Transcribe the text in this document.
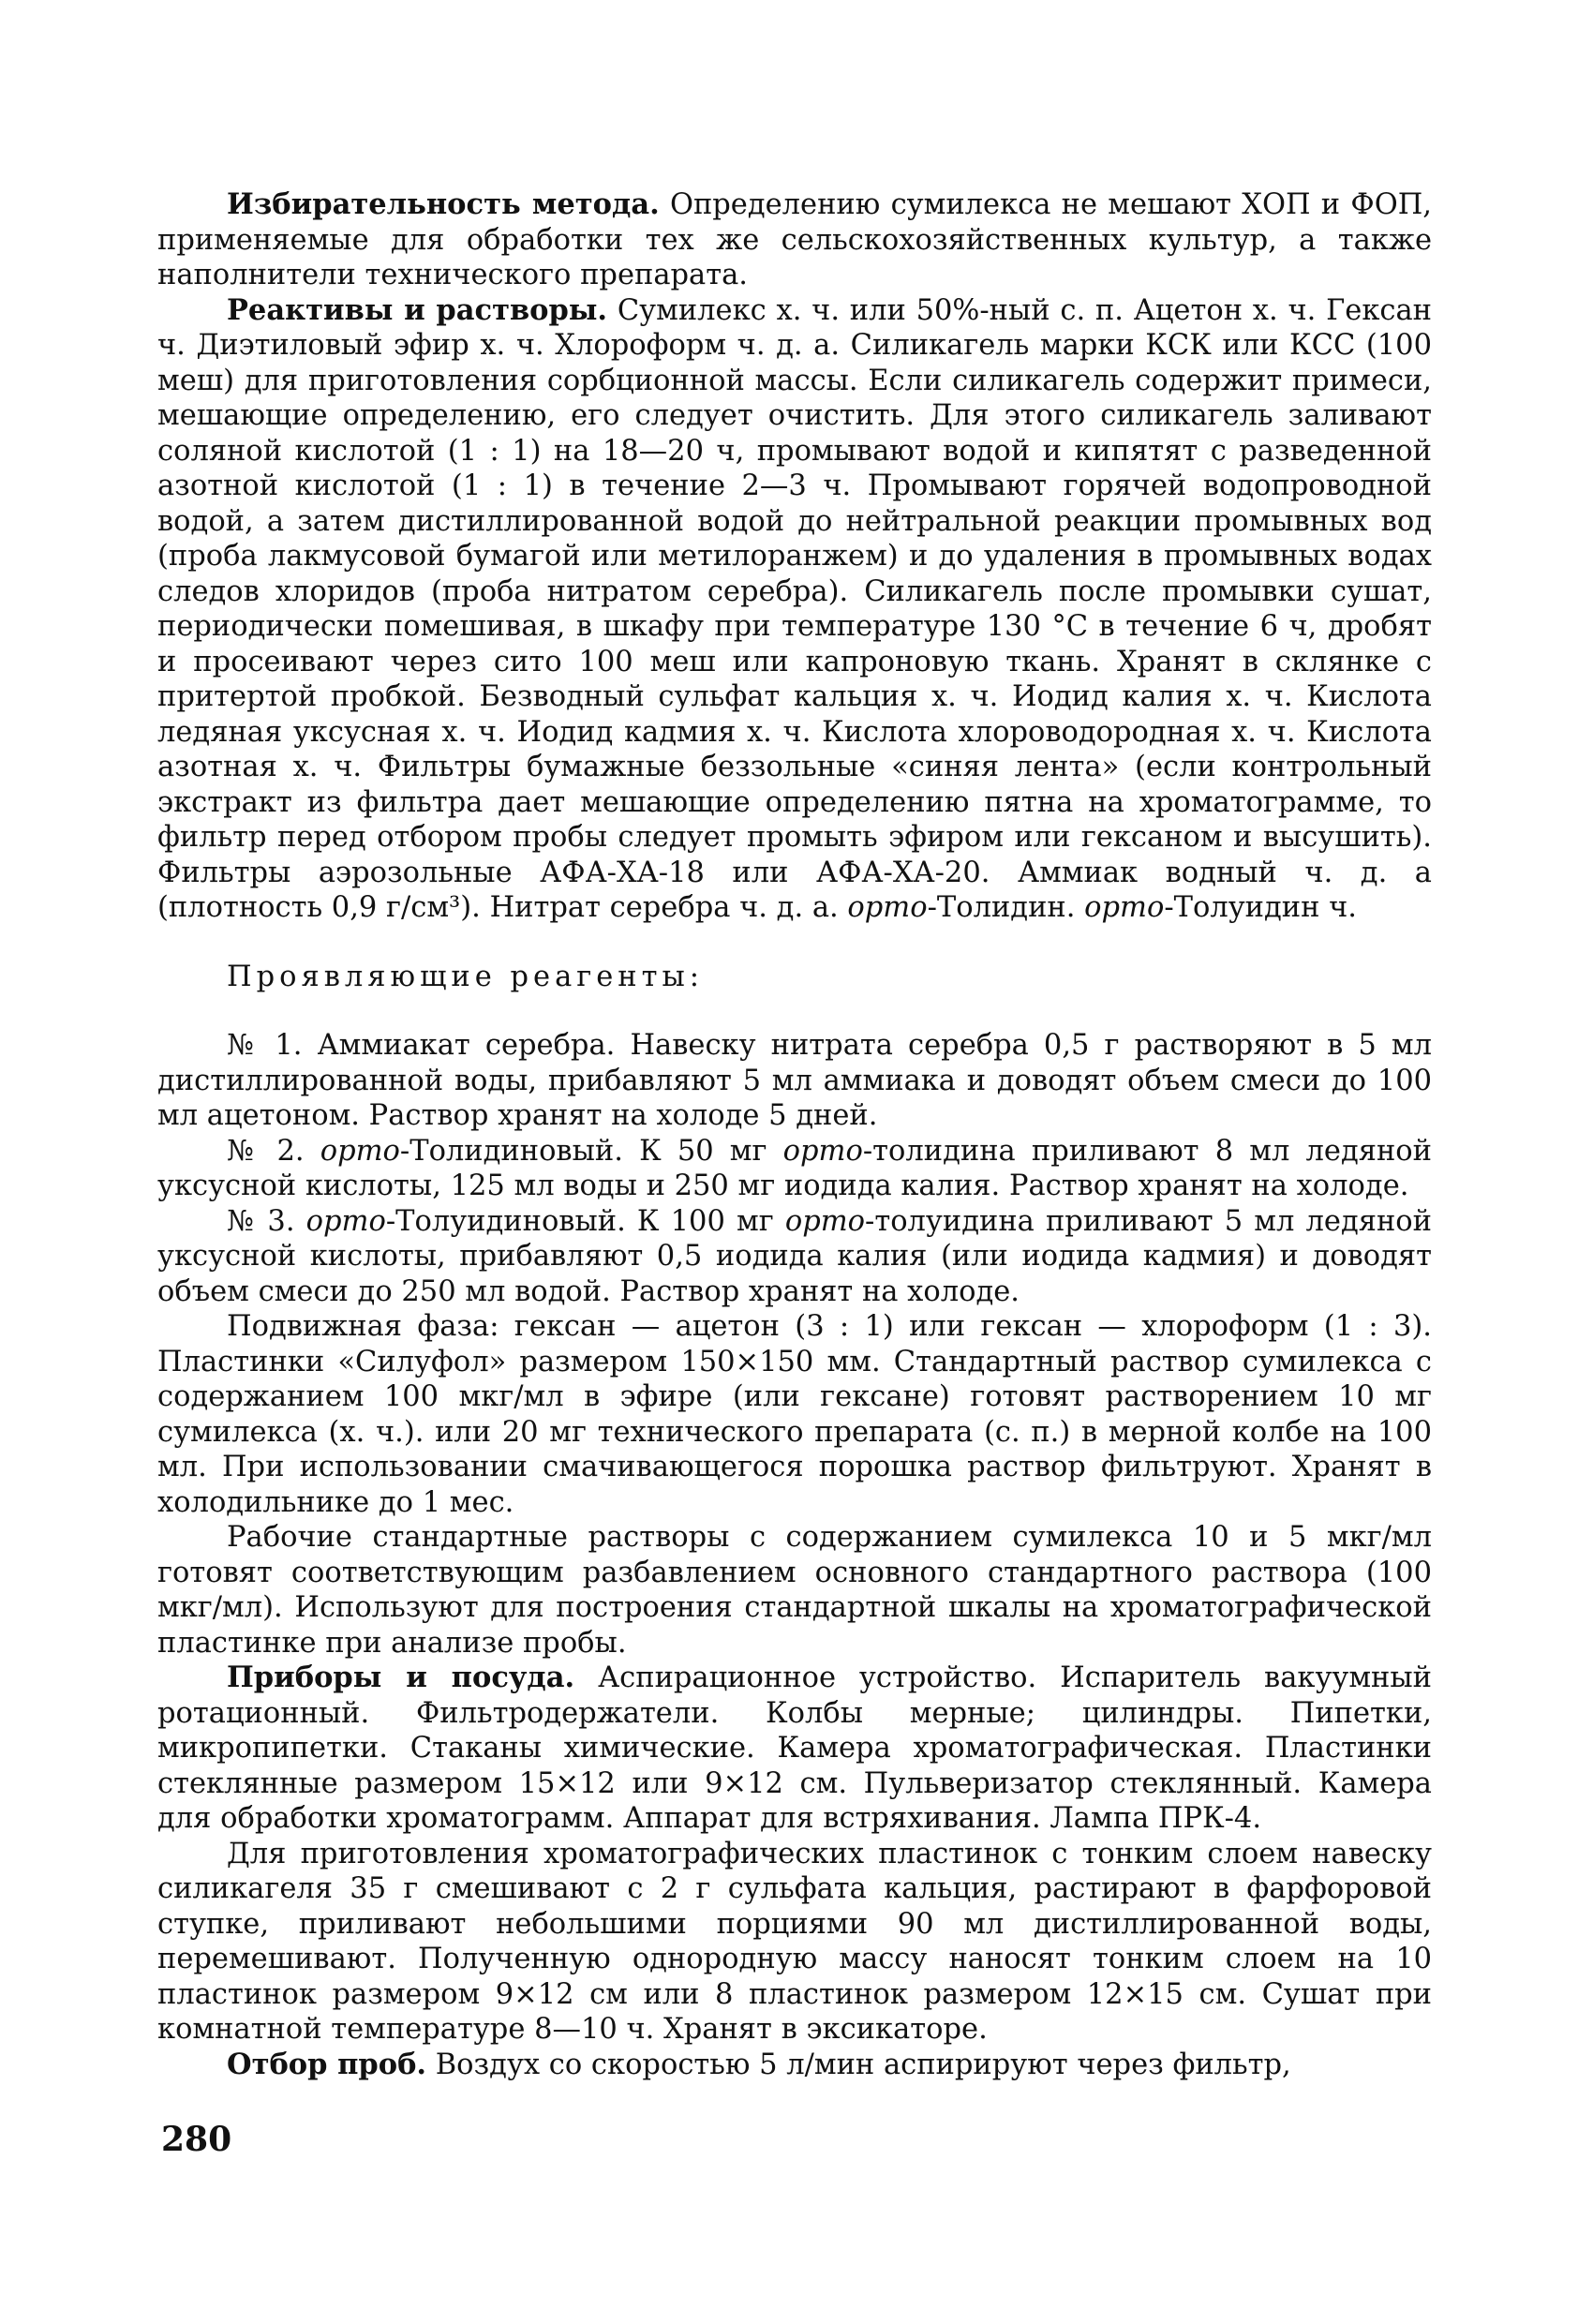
Избирательность метода. Определению сумилекса не мешают ХОП и ФОП, применяемые для обработки тех же сельскохозяйственных культур, а также наполнители технического препарата.

Реактивы и растворы. Сумилекс х. ч. или 50%-ный с. п. Ацетон х. ч. Гексан ч. Диэтиловый эфир х. ч. Хлороформ ч. д. а. Силикагель марки КСК или КСС (100 меш) для приготовления сорбционной массы. Если силикагель содержит примеси, мешающие определению, его следует очистить. Для этого силикагель заливают соляной кислотой (1 : 1) на 18—20 ч, промывают водой и кипятят с разведенной азотной кислотой (1 : 1) в течение 2—3 ч. Промывают горячей водопроводной водой, а затем дистиллированной водой до нейтральной реакции промывных вод (проба лакмусовой бумагой или метилоранжем) и до удаления в промывных водах следов хлоридов (проба нитратом серебра). Силикагель после промывки сушат, периодически помешивая, в шкафу при температуре 130 °С в течение 6 ч, дробят и просеивают через сито 100 меш или капроновую ткань. Хранят в склянке с притертой пробкой. Безводный сульфат кальция х. ч. Иодид калия х. ч. Кислота ледяная уксусная х. ч. Иодид кадмия х. ч. Кислота хлороводородная х. ч. Кислота азотная х. ч. Фильтры бумажные беззольные «синяя лента» (если контрольный экстракт из фильтра дает мешающие определению пятна на хроматограмме, то фильтр перед отбором пробы следует промыть эфиром или гексаном и высушить). Фильтры аэрозольные АФА-ХА-18 или АФА-ХА-20. Аммиак водный ч. д. а (плотность 0,9 г/см³). Нитрат серебра ч. д. а. орто-Толидин. орто-Толуидин ч.

Проявляющие реагенты:

№ 1. Аммиакат серебра. Навеску нитрата серебра 0,5 г растворяют в 5 мл дистиллированной воды, прибавляют 5 мл аммиака и доводят объем смеси до 100 мл ацетоном. Раствор хранят на холоде 5 дней.

№ 2. орто-Толидиновый. К 50 мг орто-толидина приливают 8 мл ледяной уксусной кислоты, 125 мл воды и 250 мг иодида калия. Раствор хранят на холоде.

№ 3. орто-Толуидиновый. К 100 мг орто-толуидина приливают 5 мл ледяной уксусной кислоты, прибавляют 0,5 иодида калия (или иодида кадмия) и доводят объем смеси до 250 мл водой. Раствор хранят на холоде.

Подвижная фаза: гексан — ацетон (3 : 1) или гексан — хлороформ (1 : 3). Пластинки «Силуфол» размером 150×150 мм. Стандартный раствор сумилекса с содержанием 100 мкг/мл в эфире (или гексане) готовят растворением 10 мг сумилекса (х. ч.). или 20 мг технического препарата (с. п.) в мерной колбе на 100 мл. При использовании смачивающегося порошка раствор фильтруют. Хранят в холодильнике до 1 мес.

Рабочие стандартные растворы с содержанием сумилекса 10 и 5 мкг/мл готовят соответствующим разбавлением основного стандартного раствора (100 мкг/мл). Используют для построения стандартной шкалы на хроматографической пластинке при анализе пробы.

Приборы и посуда. Аспирационное устройство. Испаритель вакуумный ротационный. Фильтродержатели. Колбы мерные; цилиндры. Пипетки, микропипетки. Стаканы химические. Камера хроматографическая. Пластинки стеклянные размером 15×12 или 9×12 см. Пульверизатор стеклянный. Камера для обработки хроматограмм. Аппарат для встряхивания. Лампа ПРК-4.

Для приготовления хроматографических пластинок с тонким слоем навеску силикагеля 35 г смешивают с 2 г сульфата кальция, растирают в фарфоровой ступке, приливают небольшими порциями 90 мл дистиллированной воды, перемешивают. Полученную однородную массу наносят тонким слоем на 10 пластинок размером 9×12 см или 8 пластинок размером 12×15 см. Сушат при комнатной температуре 8—10 ч. Хранят в эксикаторе.

Отбор проб. Воздух со скоростью 5 л/мин аспирируют через фильтр,

280
